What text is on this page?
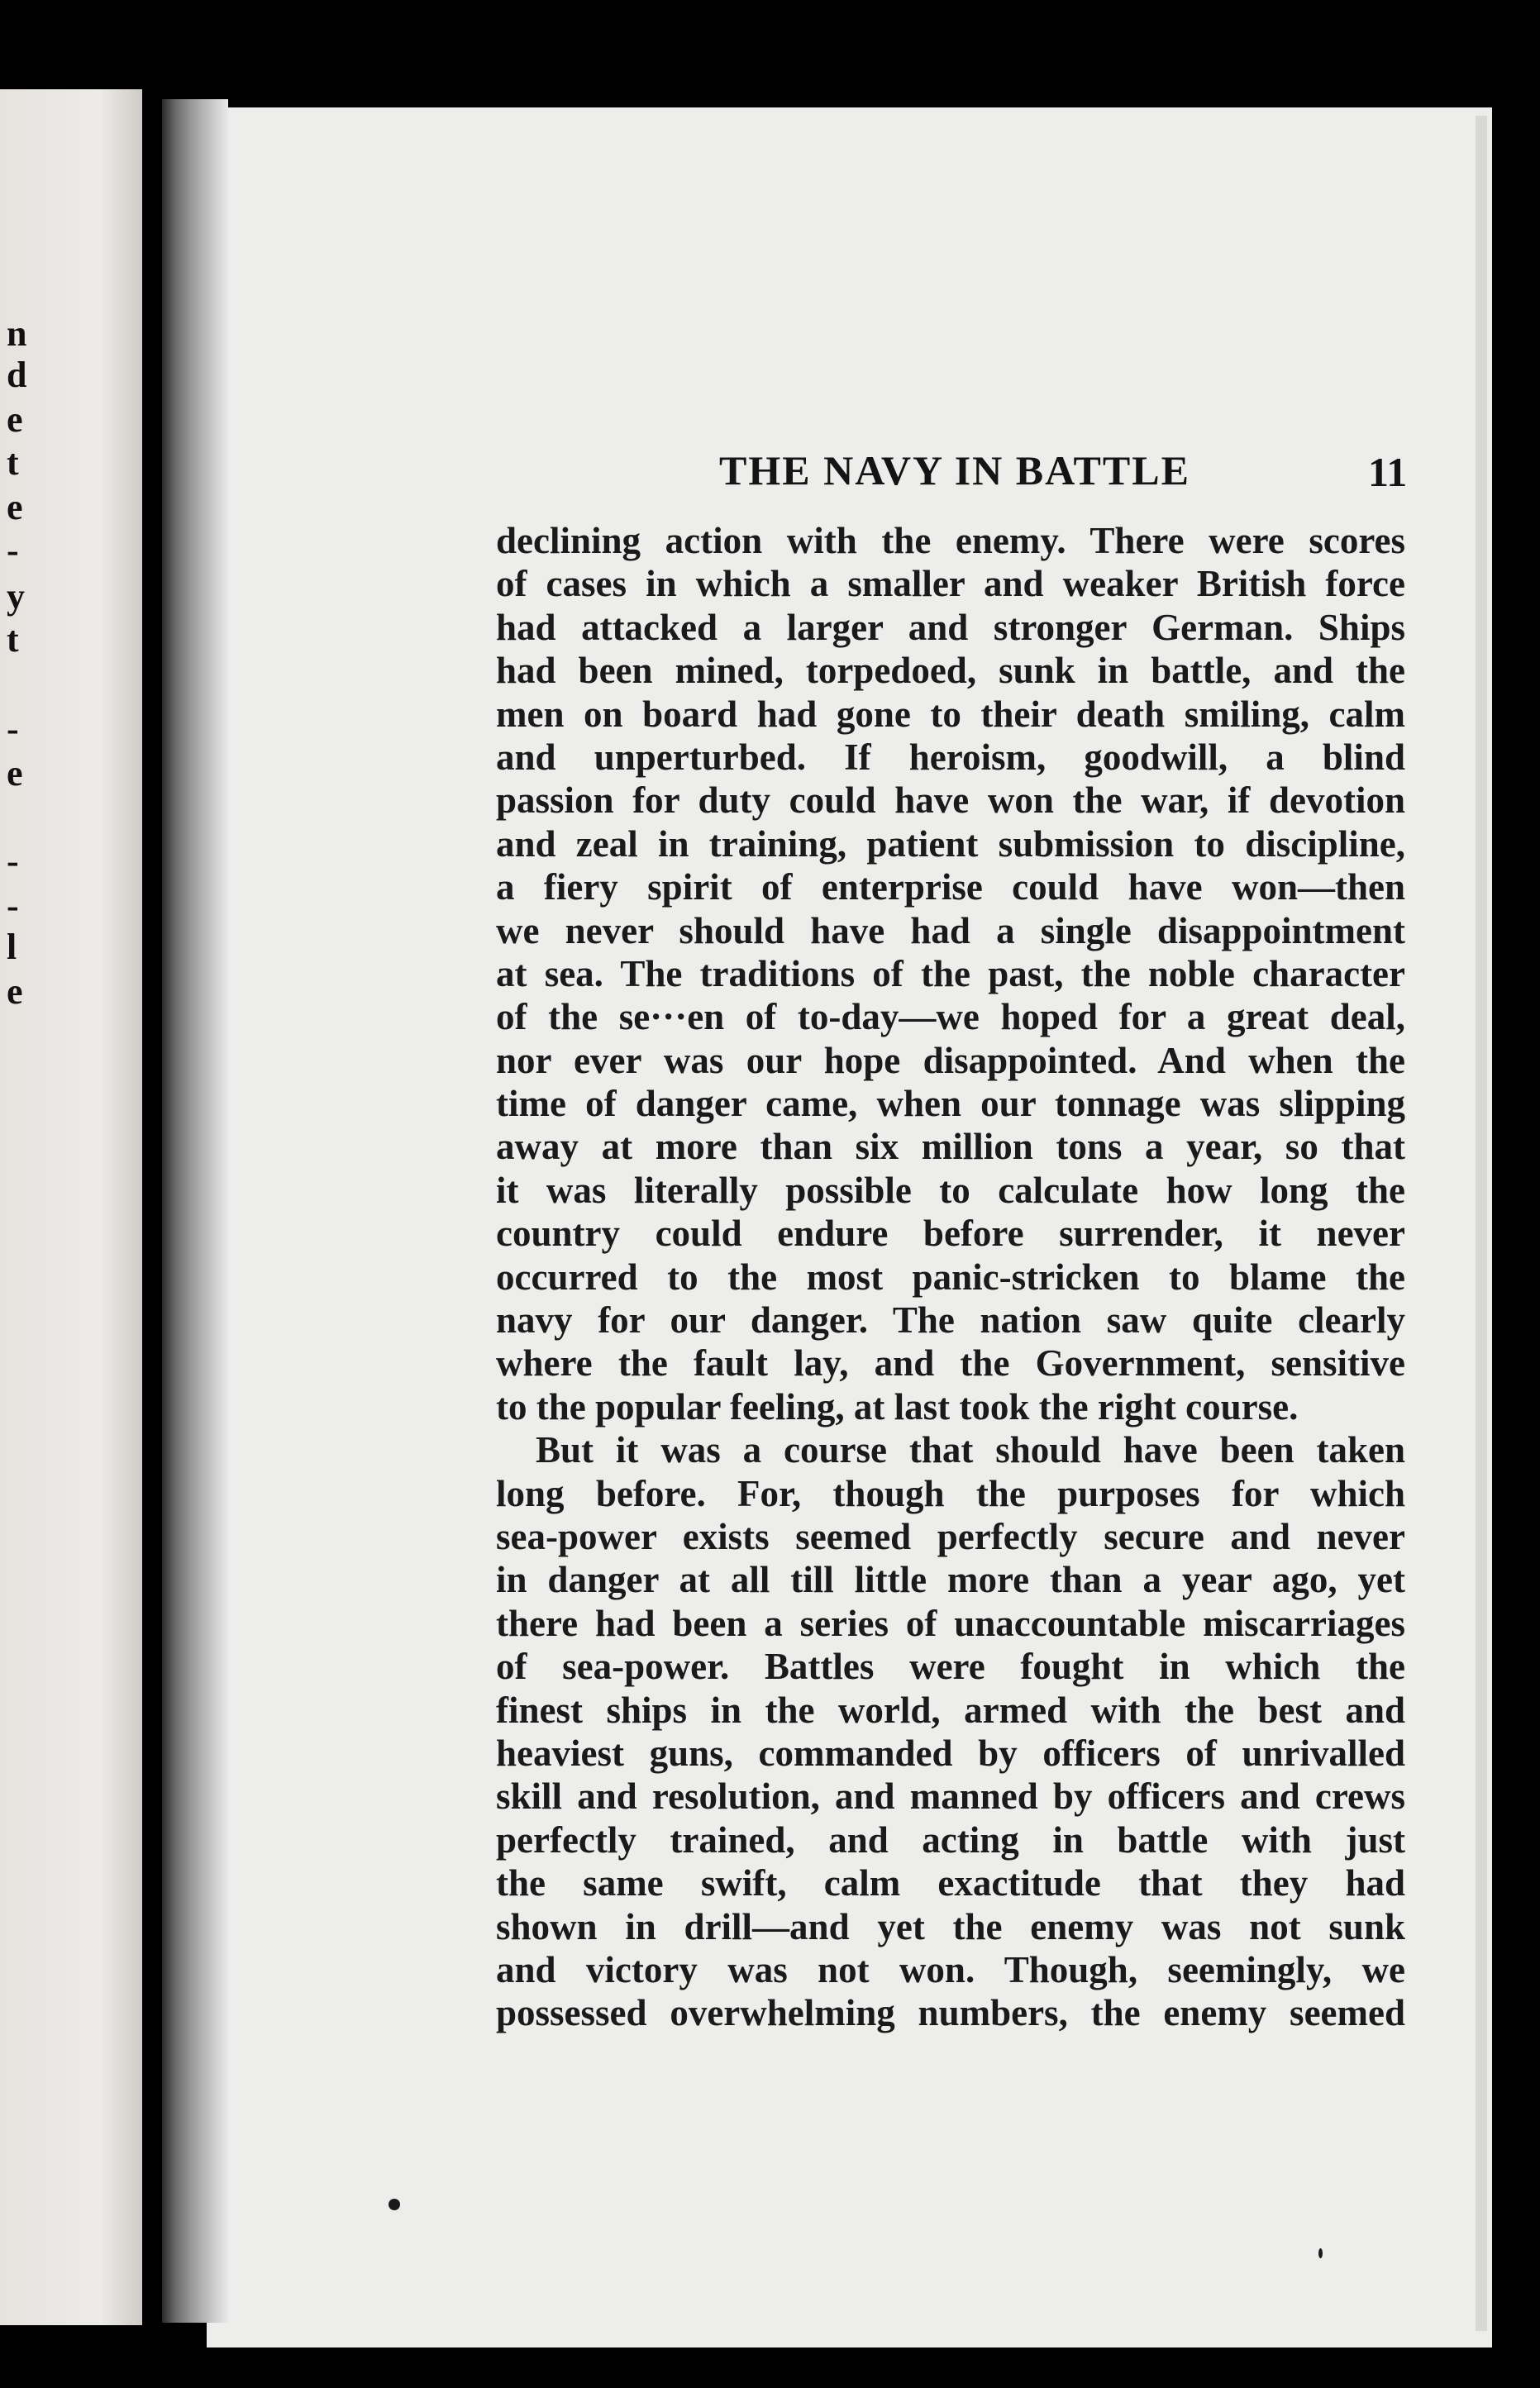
n
d
e
t
e
-
y
t
-
e
-
-
l
e
THE NAVY IN BATTLE	11
declining action with the enemy. There were scores
of cases in which a smaller and weaker British force
had attacked a larger and stronger German. Ships
had been mined, torpedoed, sunk in battle, and the
men on board had gone to their death smiling, calm
and unperturbed. If heroism, goodwill, a blind
passion for duty could have won the war, if devotion
and zeal in training, patient submission to discipline,
a fiery spirit of enterprise could have won—then
we never should have had a single disappointment
at sea. The traditions of the past, the noble character
of the se···en of to-day—we hoped for a great deal,
nor ever was our hope disappointed. And when the
time of danger came, when our tonnage was slipping
away at more than six million tons a year, so that
it was literally possible to calculate how long the
country could endure before surrender, it never
occurred to the most panic-stricken to blame the
navy for our danger. The nation saw quite clearly
where the fault lay, and the Government, sensitive
to the popular feeling, at last took the right course.
But it was a course that should have been taken
long before. For, though the purposes for which
sea-power exists seemed perfectly secure and never
in danger at all till little more than a year ago, yet
there had been a series of unaccountable miscarriages
of sea-power. Battles were fought in which the
finest ships in the world, armed with the best and
heaviest guns, commanded by officers of unrivalled
skill and resolution, and manned by officers and crews
perfectly trained, and acting in battle with just
the same swift, calm exactitude that they had
shown in drill—and yet the enemy was not sunk
and victory was not won. Though, seemingly, we
possessed overwhelming numbers, the enemy seemed
